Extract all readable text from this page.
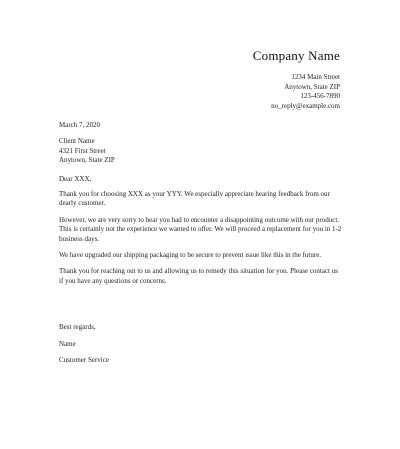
Company Name
1234 Main Street
Anytown, State ZIP
123-456-7890
no_reply@example.com

March 7, 2020

Client Name

4321 First Street

Anytown, State ZIP

Dear XXX,

Thank you for choosing XXX as your YYY. We especially appreciate hearing feedback from our dearly customer.

However, we are very sorry to hear you had to encounter a disappointing outcome with our product. This is certainly not the experience we wanted to offer. We will proceed a replacement for you in 1-2 business days.

We have upgraded our shipping packaging to be secure to prevent issue like this in the future.

Thank you for reaching out to us and allowing us to remedy this situation for you. Please contact us if you have any questions or concerns.

Best regards,

Name

Customer Service
